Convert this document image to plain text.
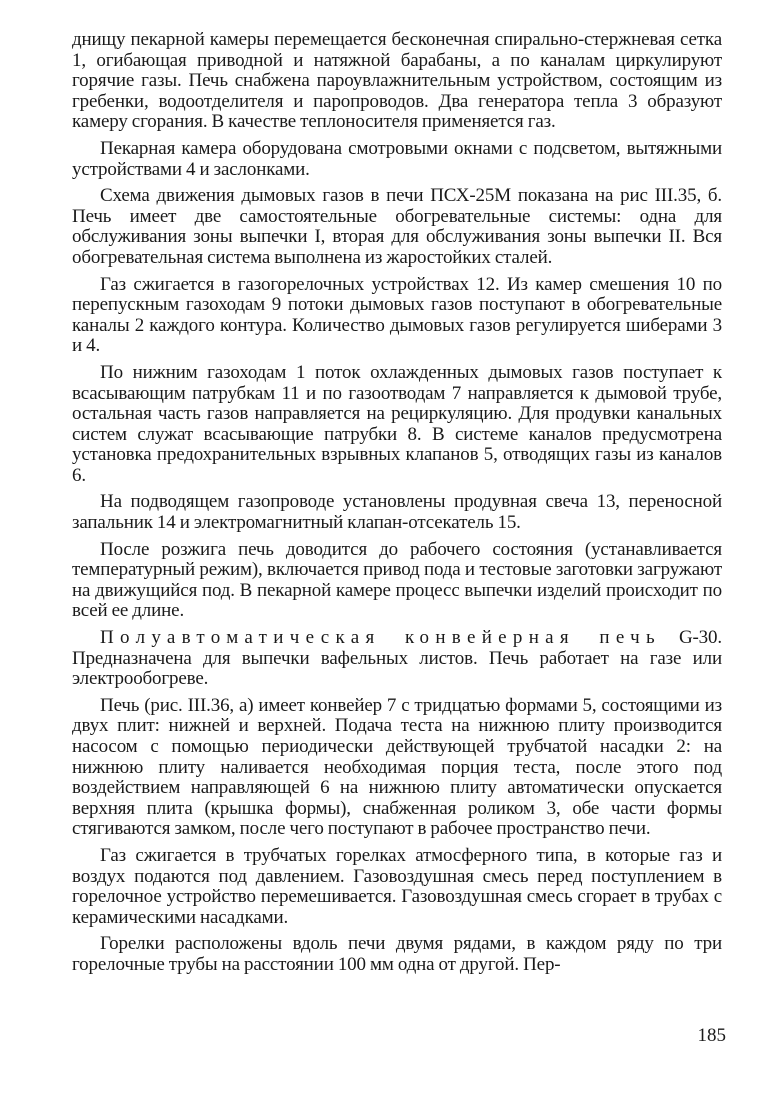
днищу пекарной камеры перемещается бесконечная спирально-стержневая сетка 1, огибающая приводной и натяжной барабаны, а по каналам циркулируют горячие газы. Печь снабжена пароувлажнительным устройством, состоящим из гребенки, водоотделителя и паропроводов. Два генератора тепла 3 образуют камеру сгорания. В качестве теплоносителя применяется газ.

Пекарная камера оборудована смотровыми окнами с подсветом, вытяжными устройствами 4 и заслонками.

Схема движения дымовых газов в печи ПСХ-25М показана на рис III.35, б. Печь имеет две самостоятельные обогревательные системы: одна для обслуживания зоны выпечки I, вторая для обслуживания зоны выпечки II. Вся обогревательная система выполнена из жаростойких сталей.

Газ сжигается в газогорелочных устройствах 12. Из камер смешения 10 по перепускным газоходам 9 потоки дымовых газов поступают в обогревательные каналы 2 каждого контура. Количество дымовых газов регулируется шиберами 3 и 4.

По нижним газоходам 1 поток охлажденных дымовых газов поступает к всасывающим патрубкам 11 и по газоотводам 7 направляется к дымовой трубе, остальная часть газов направляется на рециркуляцию. Для продувки канальных систем служат всасывающие патрубки 8. В системе каналов предусмотрена установка предохранительных взрывных клапанов 5, отводящих газы из каналов 6.

На подводящем газопроводе установлены продувная свеча 13, переносной запальник 14 и электромагнитный клапан-отсекатель 15.

После розжига печь доводится до рабочего состояния (устанавливается температурный режим), включается привод пода и тестовые заготовки загружают на движущийся под. В пекарной камере процесс выпечки изделий происходит по всей ее длине.

Полуавтоматическая конвейерная печь G-30. Предназначена для выпечки вафельных листов. Печь работает на газе или электрообогреве.

Печь (рис. III.36, а) имеет конвейер 7 с тридцатью формами 5, состоящими из двух плит: нижней и верхней. Подача теста на нижнюю плиту производится насосом с помощью периодически действующей трубчатой насадки 2: на нижнюю плиту наливается необходимая порция теста, после этого под воздействием направляющей 6 на нижнюю плиту автоматически опускается верхняя плита (крышка формы), снабженная роликом 3, обе части формы стягиваются замком, после чего поступают в рабочее пространство печи.

Газ сжигается в трубчатых горелках атмосферного типа, в которые газ и воздух подаются под давлением. Газовоздушная смесь перед поступлением в горелочное устройство перемешивается. Газовоздушная смесь сгорает в трубах с керамическими насадками.

Горелки расположены вдоль печи двумя рядами, в каждом ряду по три горелочные трубы на расстоянии 100 мм одна от другой. Пер-

185
